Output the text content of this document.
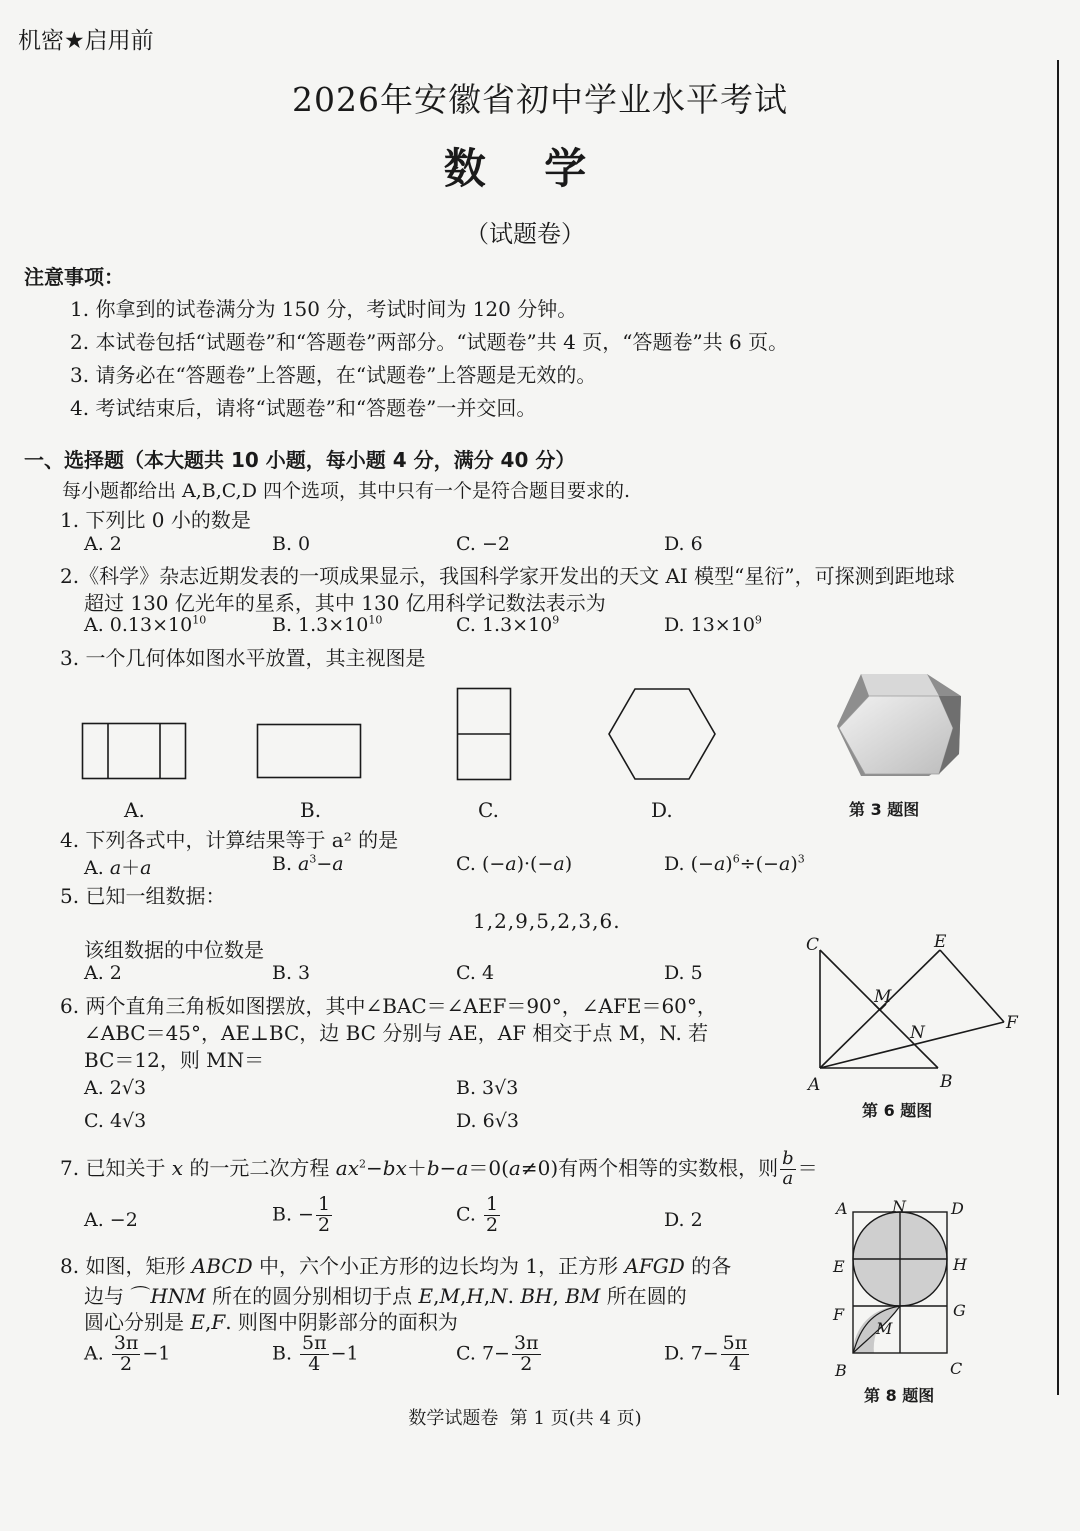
机密★启用前
2026年安徽省初中学业水平考试
数    学
（试题卷）
注意事项：
1. 你拿到的试卷满分为 150 分，考试时间为 120 分钟。
2. 本试卷包括“试题卷”和“答题卷”两部分。“试题卷”共 4 页，“答题卷”共 6 页。
3. 请务必在“答题卷”上答题，在“试题卷”上答题是无效的。
4. 考试结束后，请将“试题卷”和“答题卷”一并交回。
一、选择题（本大题共 10 小题，每小题 4 分，满分 40 分）
每小题都给出 A,B,C,D 四个选项，其中只有一个是符合题目要求的.
1. 下列比 0 小的数是
A. 2	B. 0	C. −2	D. 6
2.《科学》杂志近期发表的一项成果显示，我国科学家开发出的天文 AI 模型“星衍”，可探测到距地球
超过 130 亿光年的星系，其中 130 亿用科学记数法表示为
A. $0.13\times 10^{10}$	B. $1.3\times 10^{10}$	C. $1.3\times 10^9$	D. $13\times 10^9$
3. 一个几何体如图水平放置，其主视图是
A.	B.	C.	D.	第 3 题图
4. 下列各式中，计算结果等于 a² 的是
A. a＋a	B. $a^3-a$	C. (−a)·(−a)	D. $(-a)^6\div(-a)^3$
5. 已知一组数据：
1,2,9,5,2,3,6.
该组数据的中位数是
A. 2	B. 3	C. 4	D. 5
6. 两个直角三角板如图摆放，其中∠BAC＝∠AEF＝90°，∠AFE＝60°，
∠ABC＝45°，AE⊥BC，边 BC 分别与 AE，AF 相交于点 M，N. 若
BC＝12，则 MN＝
A. 2√3	B. 3√3
C. 4√3	D. 6√3
C	E
M
F
N
A	B
第 6 题图
7. 已知关于 x 的一元二次方程 $ax^2-bx+b-a=0(a\ne 0)$有两个相等的实数根，则 $\frac{b}{a}$ ＝
A. −2	B. − $\frac{1}{2}$	C. $\frac{1}{2}$	D. 2
8. 如图，矩形 ABCD 中，六个小正方形的边长均为 1，正方形 AFGD 的各
边与 ⌒HNM 所在的圆分别相切于点 E,M,H,N. BH, BM 所在圆的
圆心分别是 E,F. 则图中阴影部分的面积为
A. $\frac{3\pi}{2} -1$	B. $\frac{5\pi}{4} -1$	C. $7- \frac{3\pi}{2}$	D. $7- \frac{5\pi}{4}$
A	N	D
E	H
F	G
M
B	C
第 8 题图
数学试题卷  第 1 页(共 4 页)
